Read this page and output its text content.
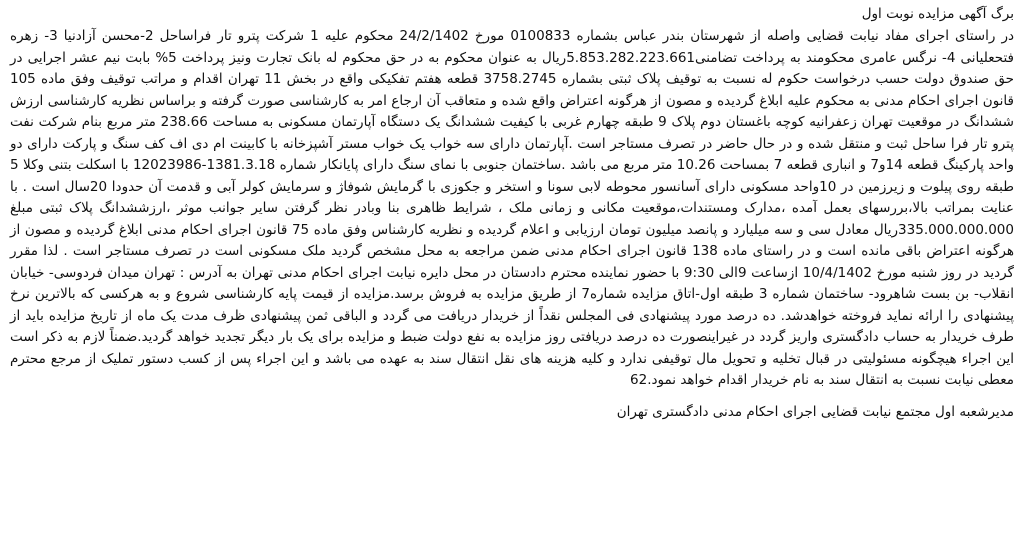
برگ آگهی مزایده نوبت اول

در راستای اجرای مفاد نیابت قضایی واصله از شهرستان بندر عباس بشماره 0100833 مورخ 24/2/1402 محکوم علیه 1 شرکت پترو تار فراساحل 2-محسن آزادنیا 3- زهره فتحعلیانی 4- نرگس عامری محکومند به پرداخت تضامنی5.853.282.223.661ریال به عنوان محکوم به در حق محکوم له بانک تجارت ونیز پرداخت 5% بابت نیم عشر اجرایی در حق صندوق دولت حسب درخواست حکوم له نسبت به توقیف پلاک ثبتی بشماره 3758.2745 قطعه هفتم تفکیکی واقع در بخش 11 تهران اقدام و مراتب توقیف وفق ماده 105 قانون اجرای احکام مدنی به محکوم علیه ابلاغ گردیده و مصون از هرگونه اعتراض واقع شده و متعاقب آن ارجاع امر به کارشناسی صورت گرفته و براساس نظریه کارشناسی ارزش ششدانگ در موقعیت تهران زعفرانیه کوچه باغستان دوم پلاک 9 طبقه چهارم غربی با کیفیت ششدانگ یک دستگاه آپارتمان مسکونی به مساحت 238.66 متر مربع بنام شرکت نفت پترو تار فرا ساحل ثبت و منتقل شده و در حال حاضر در تصرف مستاجر است .آپارتمان دارای سه خواب یک خواب مستر آشپزخانه با کابینت ام دی اف کف سنگ و پارکت دارای دو واحد پارکینگ قطعه 14و7 و انباری قطعه 7 بمساحت 10.26 متر مربع می باشد .ساختمان جنوبی با نمای سنگ دارای پایانکار شماره 1381.3.18-12023986 با اسکلت بتنی وکلا 5 طبقه روی پیلوت و زیرزمین در 10واحد مسکونی دارای آسانسور محوطه لابی سونا و استخر و جکوزی با گرمایش شوفاژ و سرمایش کولر آبی و قدمت آن حدودا 20سال است . با عنایت بمراتب بالا،بررسهای بعمل آمده ،مدارک ومستندات،موقعیت مکانی و زمانی ملک ، شرایط ظاهری بنا وبادر نظر گرفتن سایر جوانب موثر ،ارزششدانگ پلاک ثبتی مبلغ 335.000.000.000ریال معادل سی و سه میلیارد و پانصد میلیون تومان ارزیابی و اعلام گردیده و نظریه کارشناس وفق ماده 75 قانون اجرای احکام مدنی ابلاغ گردیده و مصون از هرگونه اعتراض باقی مانده است و در راستای ماده 138 قانون اجرای احکام مدنی ضمن مراجعه به محل مشخص گردید ملک مسکونی است در تصرف مستاجر است . لذا مقرر گردید در روز شنبه مورخ 10/4/1402 ازساعت 9الی 9:30 با حضور نماینده محترم دادستان در محل دایره نیابت اجرای احکام مدنی تهران به آدرس : تهران میدان فردوسی- خیابان انقلاب- بن بست شاهرود- ساختمان شماره 3 طبقه اول-اتاق مزایده شماره7 از طریق مزایده به فروش برسد.مزایده از قیمت پایه کارشناسی شروع و به هرکسی که بالاترین نرخ پیشنهادی را ارائه نماید فروخته خواهدشد. ده درصد مورد پیشنهادی فی المجلس نقداً از خریدار دریافت می گردد و الباقی ثمن پیشنهادی ظرف مدت یک ماه از تاریخ مزایده باید از طرف خریدار به حساب دادگستری واریز گردد در غیراینصورت ده درصد دریافتی روز مزایده به نفع دولت ضبط و مزایده برای یک بار دیگر تجدید خواهد گردید.ضمناً لازم به ذکر است این اجراء هیچگونه مسئولیتی در قبال تخلیه و تحویل مال توقیفی ندارد و کلیه هزینه های نقل انتقال سند به عهده می باشد و این اجراء پس از کسب دستور تملیک از مرجع محترم معطی نیابت نسبت به انتقال سند به نام خریدار اقدام خواهد نمود.62

مدیرشعبه اول مجتمع نیابت قضایی اجرای احکام مدنی دادگستری تهران
